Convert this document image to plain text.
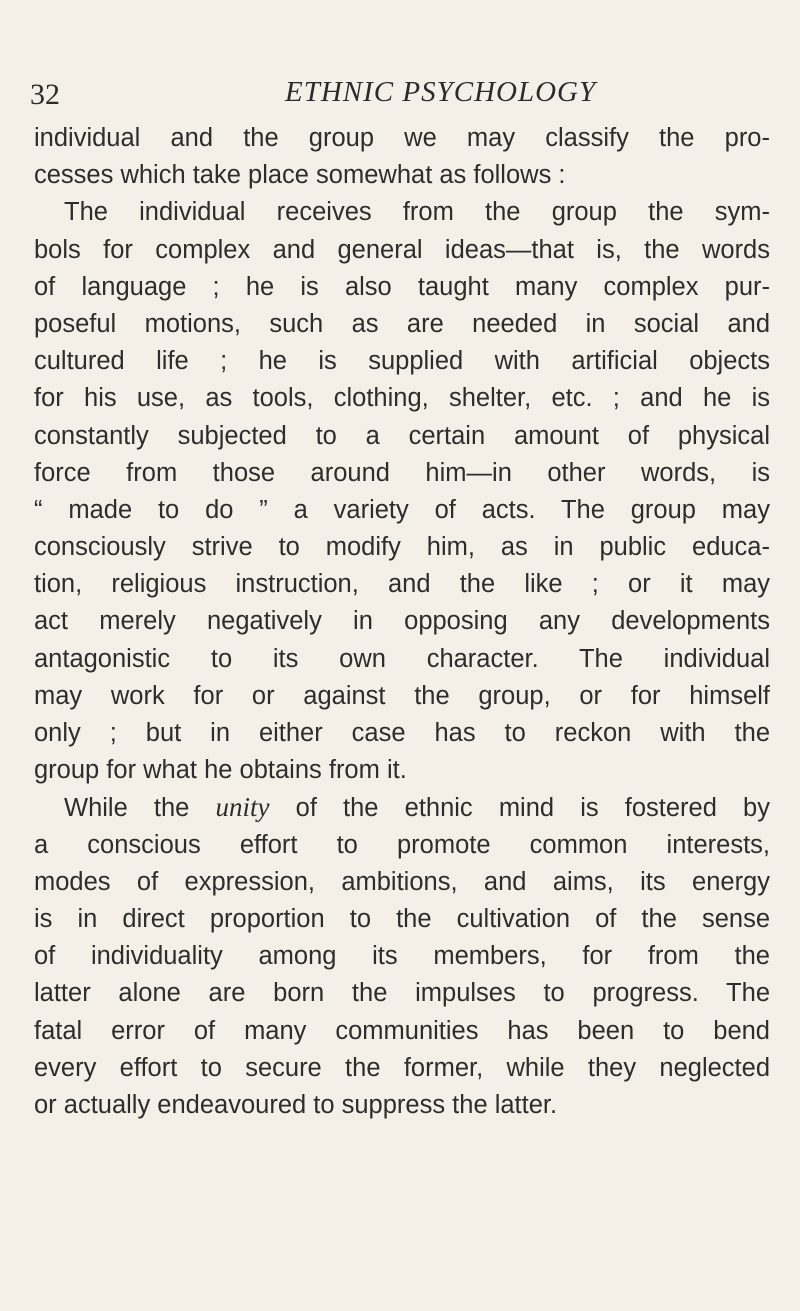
32	ETHNIC PSYCHOLOGY
individual and the group we may classify the pro-
cesses which take place somewhat as follows :
The individual receives from the group the sym-
bols for complex and general ideas—that is, the words
of language ; he is also taught many complex pur-
poseful motions, such as are needed in social and
cultured life ; he is supplied with artificial objects
for his use, as tools, clothing, shelter, etc. ; and he is
constantly subjected to a certain amount of physical
force from those around him—in other words, is
“ made to do ” a variety of acts. The group may
consciously strive to modify him, as in public educa-
tion, religious instruction, and the like ; or it may
act merely negatively in opposing any developments
antagonistic to its own character. The individual
may work for or against the group, or for himself
only ; but in either case has to reckon with the
group for what he obtains from it.
While the unity of the ethnic mind is fostered by
a conscious effort to promote common interests,
modes of expression, ambitions, and aims, its energy
is in direct proportion to the cultivation of the sense
of individuality among its members, for from the
latter alone are born the impulses to progress. The
fatal error of many communities has been to bend
every effort to secure the former, while they neglected
or actually endeavoured to suppress the latter.
